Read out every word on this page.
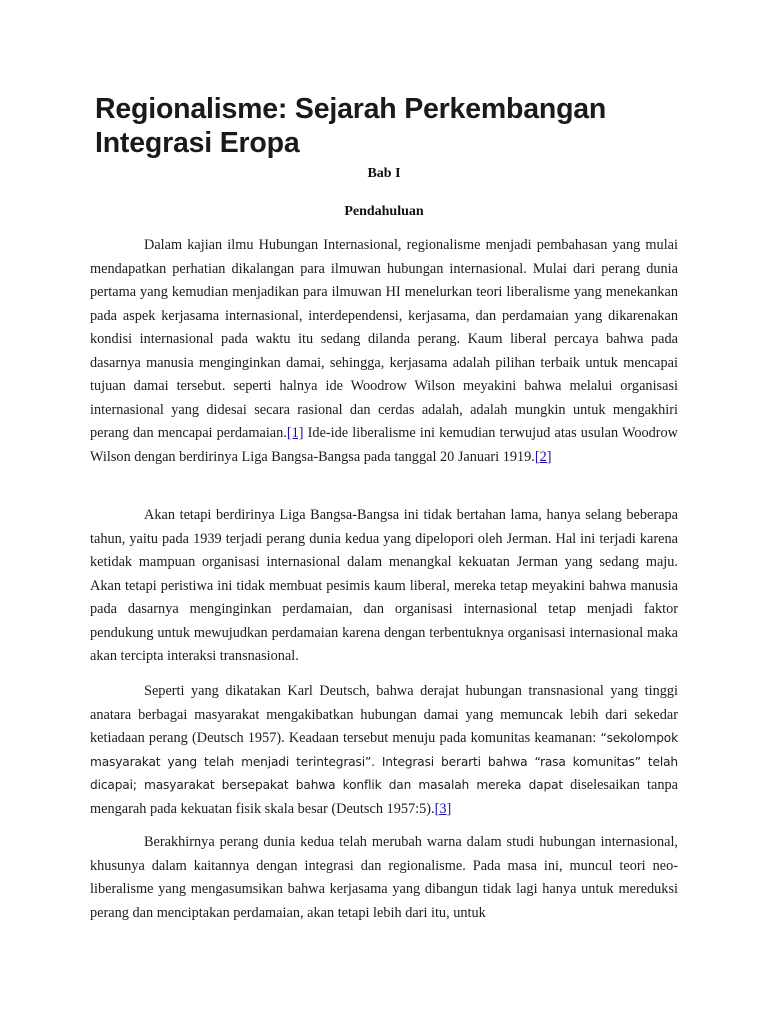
Regionalisme: Sejarah Perkembangan Integrasi Eropa

Bab I

Pendahuluan

Dalam kajian ilmu Hubungan Internasional, regionalisme menjadi pembahasan yang mulai mendapatkan perhatian dikalangan para ilmuwan hubungan internasional. Mulai dari perang dunia pertama yang kemudian menjadikan para ilmuwan HI menelurkan teori liberalisme yang menekankan pada aspek kerjasama internasional, interdependensi, kerjasama, dan perdamaian yang dikarenakan kondisi internasional pada waktu itu sedang dilanda perang. Kaum liberal percaya bahwa pada dasarnya manusia menginginkan damai, sehingga, kerjasama adalah pilihan terbaik untuk mencapai tujuan damai tersebut. seperti halnya ide Woodrow Wilson meyakini bahwa melalui organisasi internasional yang didesai secara rasional dan cerdas adalah, adalah mungkin untuk mengakhiri perang dan mencapai perdamaian.[1] Ide-ide liberalisme ini kemudian terwujud atas usulan Woodrow Wilson dengan berdirinya Liga Bangsa-Bangsa pada tanggal 20 Januari 1919.[2]

Akan tetapi berdirinya Liga Bangsa-Bangsa ini tidak bertahan lama, hanya selang beberapa tahun, yaitu pada 1939 terjadi perang dunia kedua yang dipelopori oleh Jerman. Hal ini terjadi karena ketidak mampuan organisasi internasional dalam menangkal kekuatan Jerman yang sedang maju. Akan tetapi peristiwa ini tidak membuat pesimis kaum liberal, mereka tetap meyakini bahwa manusia pada dasarnya menginginkan perdamaian, dan organisasi internasional tetap menjadi faktor pendukung untuk mewujudkan perdamaian karena dengan terbentuknya organisasi internasional maka akan tercipta interaksi transnasional.

Seperti yang dikatakan Karl Deutsch, bahwa derajat hubungan transnasional yang tinggi anatara berbagai masyarakat mengakibatkan hubungan damai yang memuncak lebih dari sekedar ketiadaan perang (Deutsch 1957). Keadaan tersebut menuju pada komunitas keamanan: “sekolompok masyarakat yang telah menjadi terintegrasi”. Integrasi berarti bahwa “rasa komunitas” telah dicapai; masyarakat bersepakat bahwa konflik dan masalah mereka dapat diselesaikan tanpa mengarah pada kekuatan fisik skala besar (Deutsch 1957:5).[3]

Berakhirnya perang dunia kedua telah merubah warna dalam studi hubungan internasional, khusunya dalam kaitannya dengan integrasi dan regionalisme. Pada masa ini, muncul teori neo-liberalisme yang mengasumsikan bahwa kerjasama yang dibangun tidak lagi hanya untuk mereduksi perang dan menciptakan perdamaian, akan tetapi lebih dari itu, untuk
